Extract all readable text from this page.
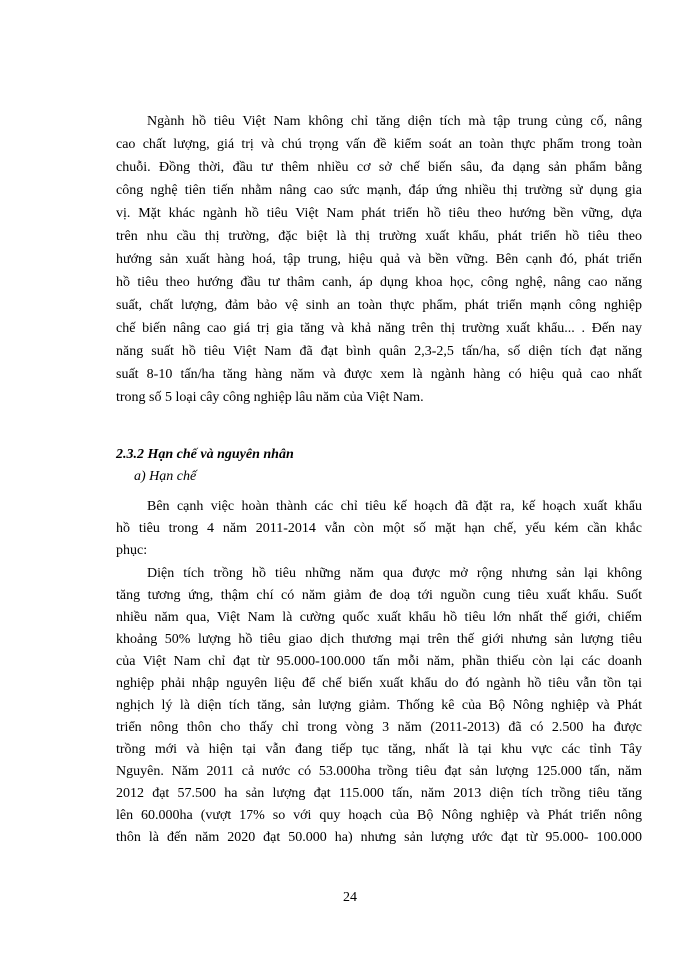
Ngành hồ tiêu Việt Nam không chỉ tăng diện tích mà tập trung củng cố, nâng
cao chất lượng, giá trị và chú trọng vấn đề kiểm soát an toàn thực phẩm trong toàn
chuỗi. Đồng thời, đầu tư thêm nhiều cơ sở chế biến sâu, đa dạng sản phẩm bằng
công nghệ tiên tiến nhằm nâng cao sức mạnh, đáp ứng nhiều thị trường sử dụng gia
vị. Mặt khác ngành hồ tiêu Việt Nam phát triển hồ tiêu theo hướng bền vững, dựa
trên nhu cầu thị trường, đặc biệt là thị trường xuất khẩu, phát triển hồ tiêu theo
hướng sản xuất hàng hoá, tập trung, hiệu quả và bền vững. Bên cạnh đó, phát triển
hồ tiêu theo hướng đầu tư thâm canh, áp dụng khoa học, công nghệ, nâng cao năng
suất, chất lượng, đảm bảo vệ sinh an toàn thực phẩm, phát triển mạnh công nghiệp
chế biến nâng cao giá trị gia tăng và khả năng trên thị trường xuất khẩu... . Đến nay
năng suất hồ tiêu Việt Nam đã đạt bình quân 2,3-2,5 tấn/ha, số diện tích đạt năng
suất 8-10 tấn/ha tăng hàng năm và được xem là ngành hàng có hiệu quả cao nhất
trong số 5 loại cây công nghiệp lâu năm của Việt Nam.
2.3.2 Hạn chế và nguyên nhân
a) Hạn chế
Bên cạnh việc hoàn thành các chỉ tiêu kế hoạch đã đặt ra, kế hoạch xuất khẩu
hồ tiêu trong 4 năm 2011-2014 vẫn còn một số mặt hạn chế, yếu kém cần khắc
phục:
Diện tích trồng hồ tiêu những năm qua được mở rộng nhưng sản lại không
tăng tương ứng, thậm chí có năm giảm đe doạ tới nguồn cung tiêu xuất khẩu. Suốt
nhiều năm qua, Việt Nam là cường quốc xuất khẩu hồ tiêu lớn nhất thế giới, chiếm
khoảng 50% lượng hồ tiêu giao dịch thương mại trên thế giới nhưng sản lượng tiêu
của Việt Nam chỉ đạt từ 95.000-100.000 tấn mỗi năm, phần thiếu còn lại các doanh
nghiệp phải nhập nguyên liệu để chế biến xuất khẩu do đó ngành hồ tiêu vẫn tồn tại
nghịch lý là diện tích tăng, sản lượng giảm. Thống kê của Bộ Nông nghiệp và Phát
triển nông thôn cho thấy chỉ trong vòng 3 năm (2011-2013) đã có 2.500 ha được
trồng mới và hiện tại vẫn đang tiếp tục tăng, nhất là tại khu vực các tỉnh Tây
Nguyên. Năm 2011 cả nước có 53.000ha trồng tiêu đạt sản lượng 125.000 tấn, năm
2012 đạt 57.500 ha sản lượng đạt 115.000 tấn, năm 2013 diện tích trồng tiêu tăng
lên 60.000ha (vượt 17% so với quy hoạch của Bộ Nông nghiệp và Phát triển nông
thôn là đến năm 2020 đạt 50.000 ha) nhưng sản lượng ước đạt từ 95.000- 100.000
24
